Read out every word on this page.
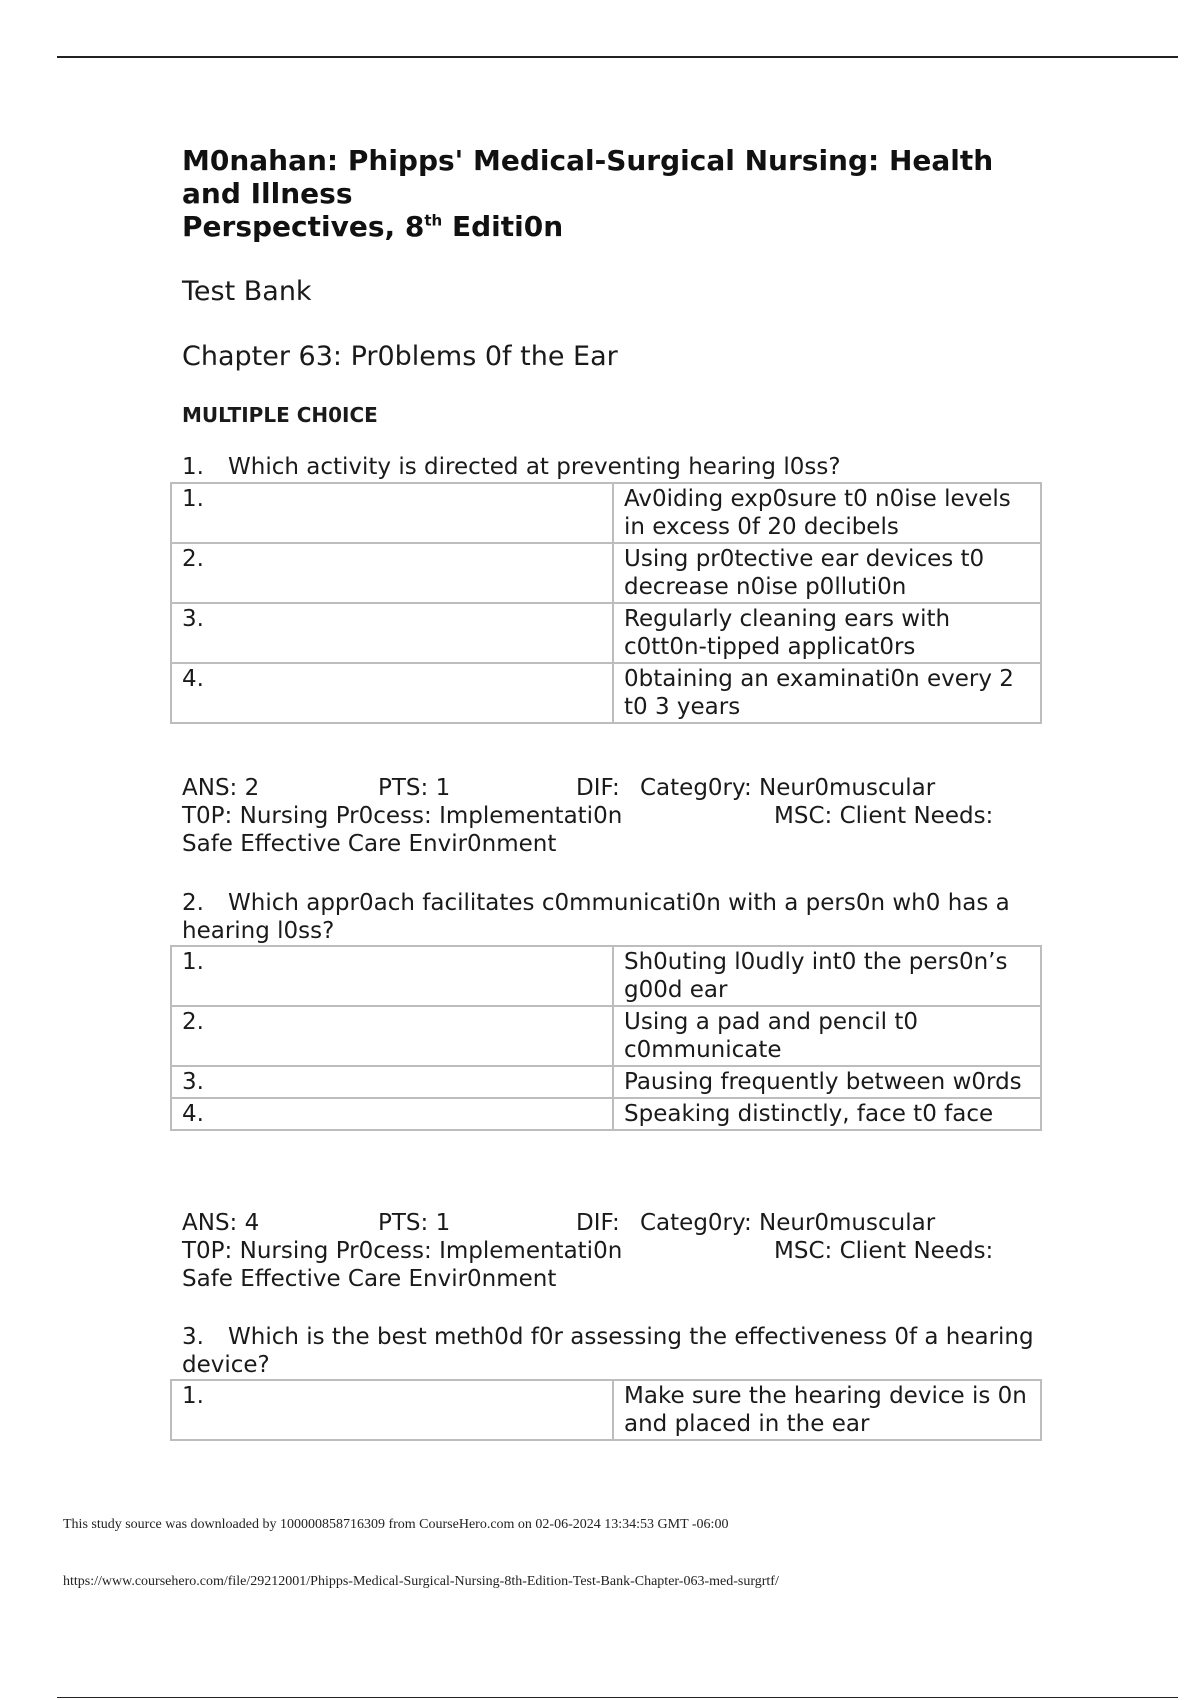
M0nahan: Phipps' Medical-Surgical Nursing: Health
and Illness
Perspectives, 8th Editi0n
Test Bank
Chapter 63: Pr0blems 0f the Ear
MULTIPLE CH0ICE
1. Which activity is directed at preventing hearing l0ss?
1.	Av0iding exp0sure t0 n0ise levels in excess 0f 20 decibels
2.	Using pr0tective ear devices t0 decrease n0ise p0lluti0n
3.	Regularly cleaning ears with c0tt0n-tipped applicat0rs
4.	0btaining an examinati0n every 2 t0 3 years
ANS: 2	PTS: 1	DIF: Categ0ry: Neur0muscular
T0P: Nursing Pr0cess: Implementati0n	MSC: Client Needs:
Safe Effective Care Envir0nment
2. Which appr0ach facilitates c0mmunicati0n with a pers0n wh0 has a hearing l0ss?
1.	Sh0uting l0udly int0 the pers0n’s g00d ear
2.	Using a pad and pencil t0 c0mmunicate
3.	Pausing frequently between w0rds
4.	Speaking distinctly, face t0 face
ANS: 4	PTS: 1	DIF: Categ0ry: Neur0muscular
T0P: Nursing Pr0cess: Implementati0n	MSC: Client Needs:
Safe Effective Care Envir0nment
3. Which is the best meth0d f0r assessing the effectiveness 0f a hearing device?
1.	Make sure the hearing device is 0n and placed in the ear
This study source was downloaded by 100000858716309 from CourseHero.com on 02-06-2024 13:34:53 GMT -06:00
https://www.coursehero.com/file/29212001/Phipps-Medical-Surgical-Nursing-8th-Edition-Test-Bank-Chapter-063-med-surgrtf/
